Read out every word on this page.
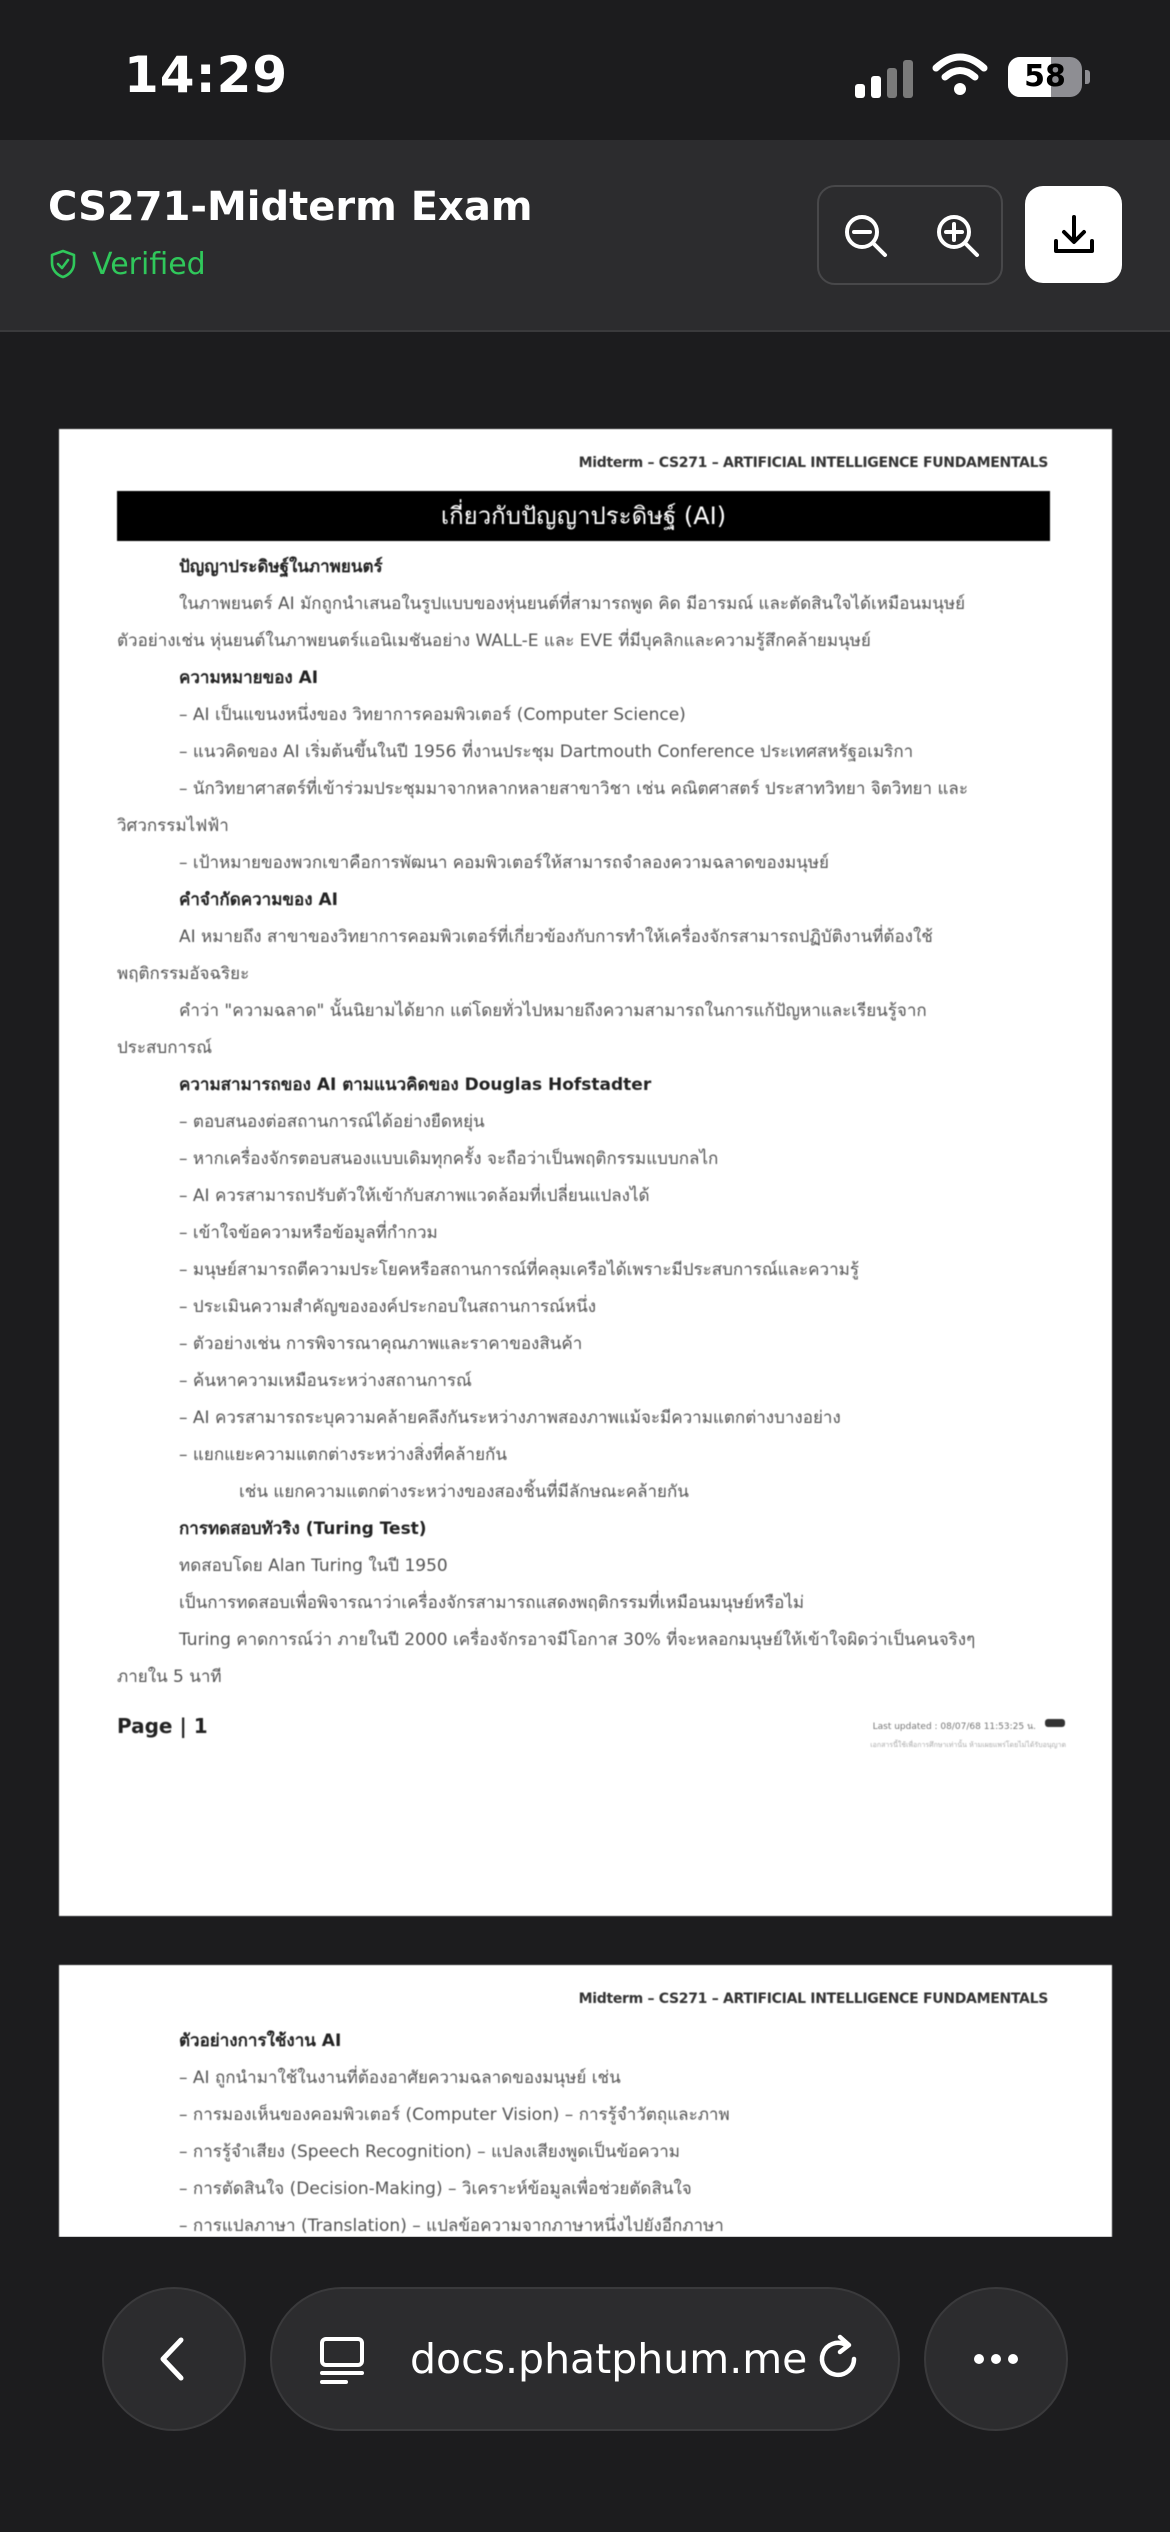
14:29	58
CS271-Midterm Exam
Verified
Midterm – CS271 – ARTIFICIAL INTELLIGENCE FUNDAMENTALS
เกี่ยวกับปัญญาประดิษฐ์ (AI)
ปัญญาประดิษฐ์ในภาพยนตร์
ในภาพยนตร์ AI มักถูกนำเสนอในรูปแบบของหุ่นยนต์ที่สามารถพูด คิด มีอารมณ์ และตัดสินใจได้เหมือนมนุษย์
ตัวอย่างเช่น หุ่นยนต์ในภาพยนตร์แอนิเมชันอย่าง WALL-E และ EVE ที่มีบุคลิกและความรู้สึกคล้ายมนุษย์
ความหมายของ AI
– AI เป็นแขนงหนึ่งของ วิทยาการคอมพิวเตอร์ (Computer Science)
– แนวคิดของ AI เริ่มต้นขึ้นในปี 1956 ที่งานประชุม Dartmouth Conference ประเทศสหรัฐอเมริกา
– นักวิทยาศาสตร์ที่เข้าร่วมประชุมมาจากหลากหลายสาขาวิชา เช่น คณิตศาสตร์ ประสาทวิทยา จิตวิทยา และ
วิศวกรรมไฟฟ้า
– เป้าหมายของพวกเขาคือการพัฒนา คอมพิวเตอร์ให้สามารถจำลองความฉลาดของมนุษย์
คำจำกัดความของ AI
AI หมายถึง สาขาของวิทยาการคอมพิวเตอร์ที่เกี่ยวข้องกับการทำให้เครื่องจักรสามารถปฏิบัติงานที่ต้องใช้
พฤติกรรมอัจฉริยะ
คำว่า "ความฉลาด" นั้นนิยามได้ยาก แต่โดยทั่วไปหมายถึงความสามารถในการแก้ปัญหาและเรียนรู้จาก
ประสบการณ์
ความสามารถของ AI ตามแนวคิดของ Douglas Hofstadter
– ตอบสนองต่อสถานการณ์ได้อย่างยืดหยุ่น
– หากเครื่องจักรตอบสนองแบบเดิมทุกครั้ง จะถือว่าเป็นพฤติกรรมแบบกลไก
– AI ควรสามารถปรับตัวให้เข้ากับสภาพแวดล้อมที่เปลี่ยนแปลงได้
– เข้าใจข้อความหรือข้อมูลที่กำกวม
– มนุษย์สามารถตีความประโยคหรือสถานการณ์ที่คลุมเครือได้เพราะมีประสบการณ์และความรู้
– ประเมินความสำคัญขององค์ประกอบในสถานการณ์หนึ่ง
– ตัวอย่างเช่น การพิจารณาคุณภาพและราคาของสินค้า
– ค้นหาความเหมือนระหว่างสถานการณ์
– AI ควรสามารถระบุความคล้ายคลึงกันระหว่างภาพสองภาพแม้จะมีความแตกต่างบางอย่าง
– แยกแยะความแตกต่างระหว่างสิ่งที่คล้ายกัน
เช่น แยกความแตกต่างระหว่างของสองชิ้นที่มีลักษณะคล้ายกัน
การทดสอบทัวริง (Turing Test)
ทดสอบโดย Alan Turing ในปี 1950
เป็นการทดสอบเพื่อพิจารณาว่าเครื่องจักรสามารถแสดงพฤติกรรมที่เหมือนมนุษย์หรือไม่
Turing คาดการณ์ว่า ภายในปี 2000 เครื่องจักรอาจมีโอกาส 30% ที่จะหลอกมนุษย์ให้เข้าใจผิดว่าเป็นคนจริงๆ
ภายใน 5 นาที
Page | 1	Last updated : 08/07/68 11:53:25 น.
เอกสารนี้ใช้เพื่อการศึกษาเท่านั้น ห้ามเผยแพร่โดยไม่ได้รับอนุญาต
Midterm – CS271 – ARTIFICIAL INTELLIGENCE FUNDAMENTALS
ตัวอย่างการใช้งาน AI
– AI ถูกนำมาใช้ในงานที่ต้องอาศัยความฉลาดของมนุษย์ เช่น
– การมองเห็นของคอมพิวเตอร์ (Computer Vision) – การรู้จำวัตถุและภาพ
– การรู้จำเสียง (Speech Recognition) – แปลงเสียงพูดเป็นข้อความ
– การตัดสินใจ (Decision-Making) – วิเคราะห์ข้อมูลเพื่อช่วยตัดสินใจ
– การแปลภาษา (Translation) – แปลข้อความจากภาษาหนึ่งไปยังอีกภาษา
docs.phatphum.me
